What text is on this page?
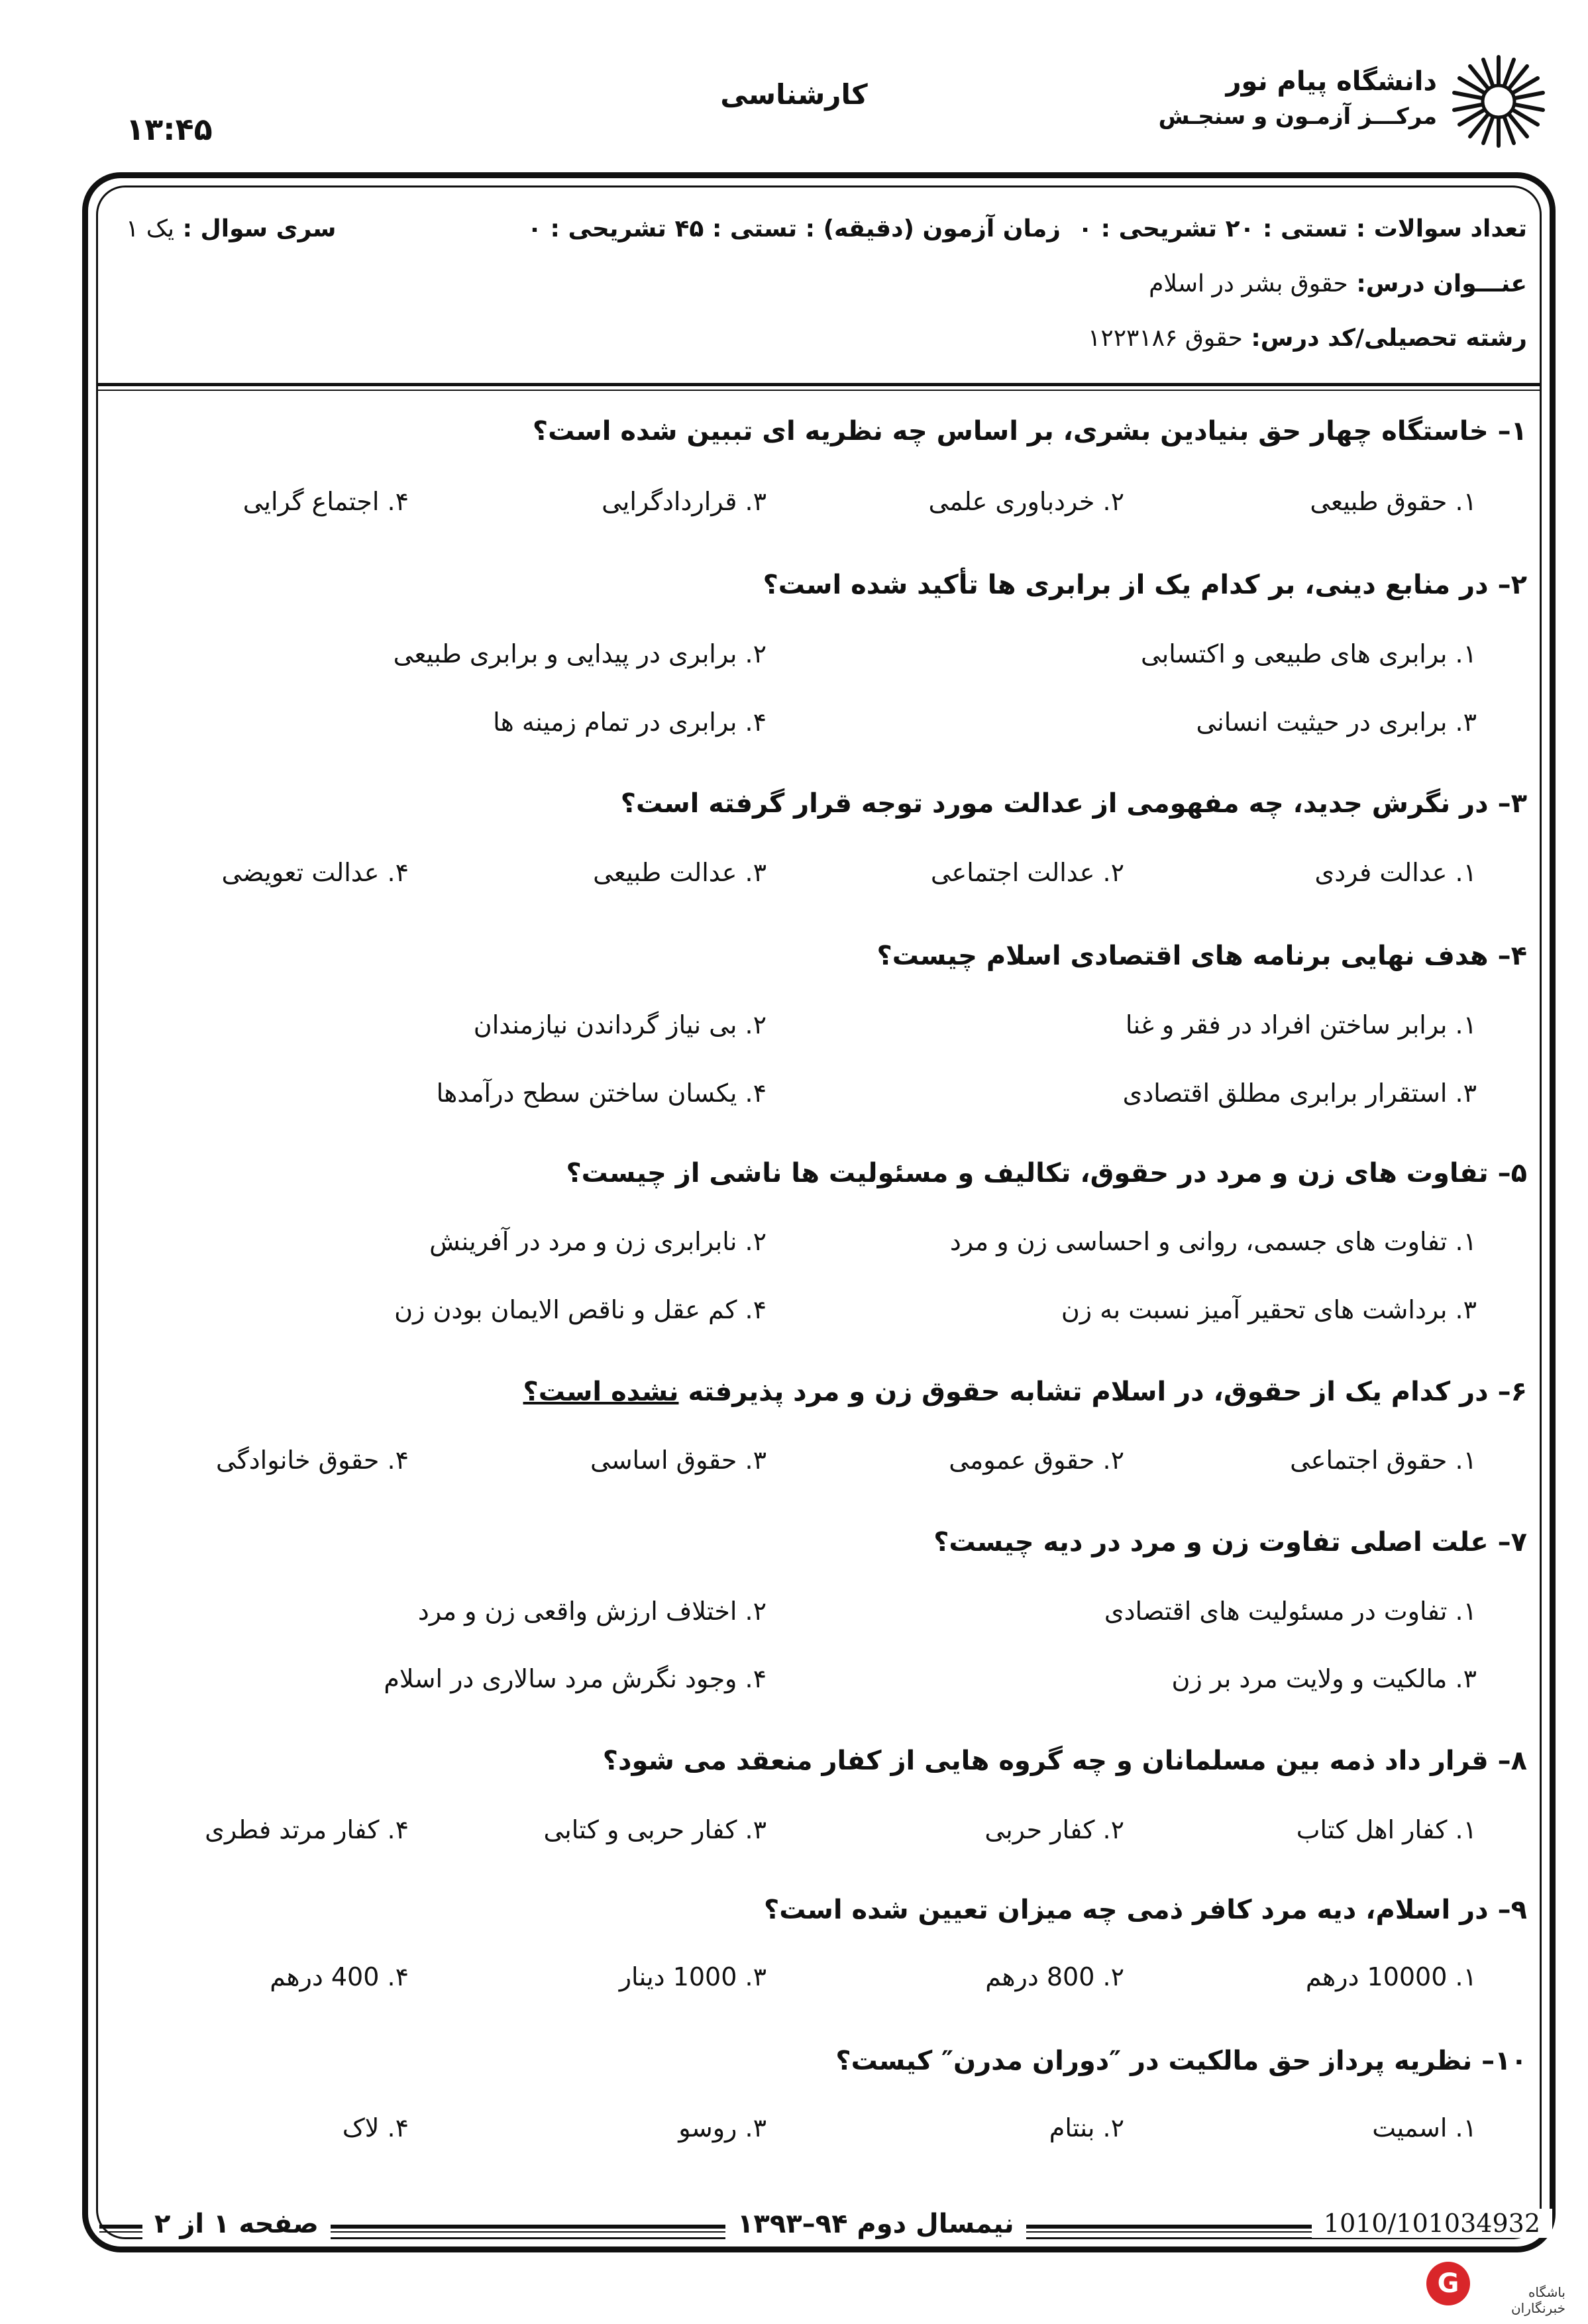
۱۳:۴۵
کارشناسی	دانشگاه پیام نور
مرکـــز آزمـون و سنجـش
تعداد سوالات : تستی : ۲۰ تشریحی : ۰
زمان آزمون (دقیقه) : تستی : ۴۵ تشریحی : ۰
سری سوال : یک ۱
عنـــوان درس: حقوق بشر در اسلام
رشته تحصیلی/کد درس: حقوق ۱۲۲۳۱۸۶
۱– خاستگاه چهار حق بنیادین بشری، بر اساس چه نظریه ای تببین شده است؟
۱. حقوق طبیعی
۲. خردباوری علمی
۳. قراردادگرایی
۴. اجتماع گرایی
۲– در منابع دینی، بر کدام یک از برابری ها تأکید شده است؟
۱. برابری های طبیعی و اکتسابی
۲. برابری در پیدایی و برابری طبیعی
۳. برابری در حیثیت انسانی
۴. برابری در تمام زمینه ها
۳– در نگرش جدید، چه مفهومی از عدالت مورد توجه قرار گرفته است؟
۱. عدالت فردی
۲. عدالت اجتماعی
۳. عدالت طبیعی
۴. عدالت تعویضی
۴– هدف نهایی برنامه های اقتصادی اسلام چیست؟
۱. برابر ساختن افراد در فقر و غنا
۲. بی نیاز گرداندن نیازمندان
۳. استقرار برابری مطلق اقتصادی
۴. یکسان ساختن سطح درآمدها
۵– تفاوت های زن و مرد در حقوق، تکالیف و مسئولیت ها ناشی از چیست؟
۱. تفاوت های جسمی، روانی و احساسی زن و مرد
۲. نابرابری زن و مرد در آفرینش
۳. برداشت های تحقیر آمیز نسبت به زن
۴. کم عقل و ناقص الایمان بودن زن
۶– در کدام یک از حقوق، در اسلام تشابه حقوق زن و مرد پذیرفته نشده است؟
۱. حقوق اجتماعی
۲. حقوق عمومی
۳. حقوق اساسی
۴. حقوق خانوادگی
۷– علت اصلی تفاوت زن و مرد در دیه چیست؟
۱. تفاوت در مسئولیت های اقتصادی
۲. اختلاف ارزش واقعی زن و مرد
۳. مالکیت و ولایت مرد بر زن
۴. وجود نگرش مرد سالاری در اسلام
۸– قرار داد ذمه بین مسلمانان و چه گروه هایی از کفار منعقد می شود؟
۱. کفار اهل کتاب
۲. کفار حربی
۳. کفار حربی و کتابی
۴. کفار مرتد فطری
۹– در اسلام، دیه مرد کافر ذمی چه میزان تعیین شده است؟
۱. 10000 درهم
۲. 800 درهم
۳. 1000 دینار
۴. 400 درهم
۱۰– نظریه پرداز حق مالکیت در ″دوران مدرن″ کیست؟
۱. اسمیت
۲. بنتام
۳. روسو
۴. لاک
صفحه ۱ از ۲	نیمسال دوم ۹۴–۱۳۹۳	1010/101034932
G	باشگاه خبرنگاران
